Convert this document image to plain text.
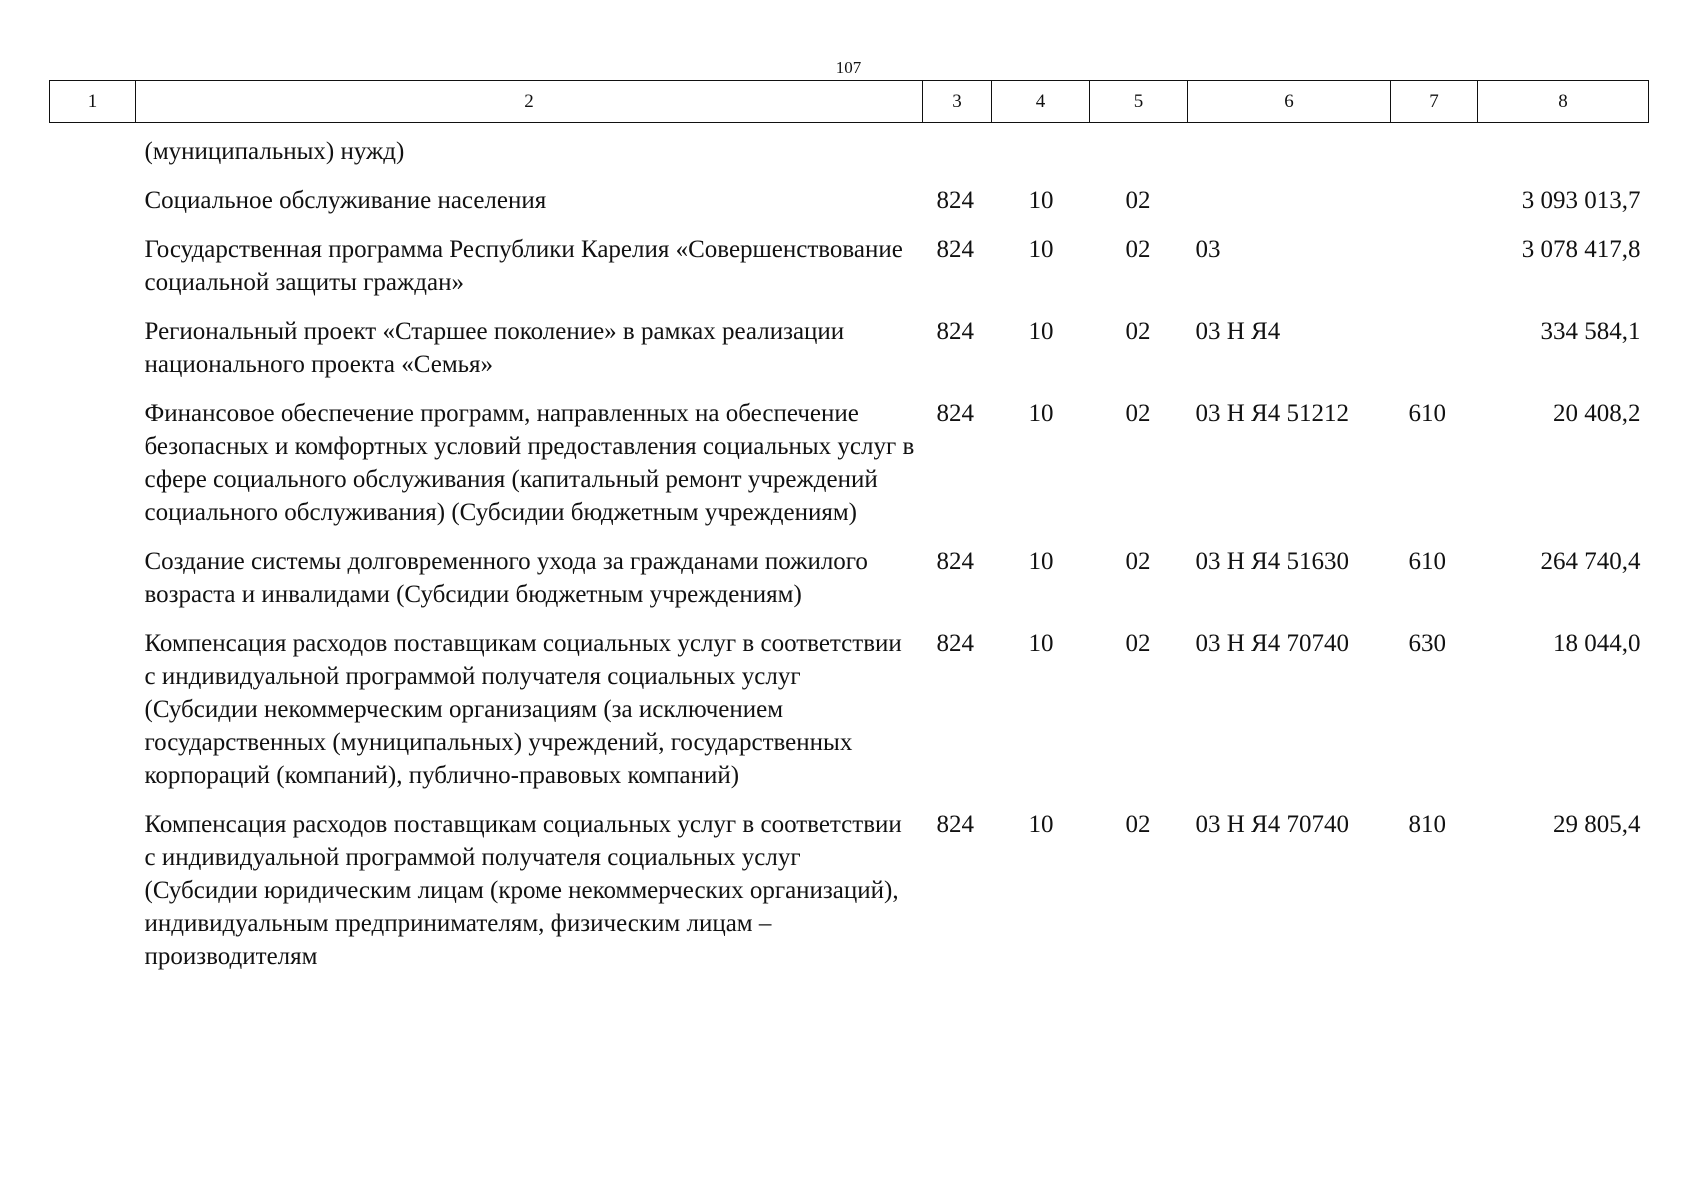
107
1	2	3	4	5	6	7	8
(муниципальных) нужд)							
Социальное обслуживание населения		824	10	02			3 093 013,7
Государственная программа Республики Карелия «Совершенствование социальной защиты граждан»		824	10	02	03		3 078 417,8
Региональный проект «Старшее поколение» в рамках реализации национального проекта «Семья»		824	10	02	03 Н Я4		334 584,1
Финансовое обеспечение программ, направленных на обеспечение безопасных и комфортных условий предоставления социальных услуг в сфере социального обслуживания (капитальный ремонт учреждений социального обслуживания) (Субсидии бюджетным учреждениям)		824	10	02	03 Н Я4 51212	610	20 408,2
Создание системы долговременного ухода за гражданами пожилого возраста и инвалидами (Субсидии бюджетным учреждениям)		824	10	02	03 Н Я4 51630	610	264 740,4
Компенсация расходов поставщикам социальных услуг в соответствии с индивидуальной программой получателя социальных услуг (Субсидии некоммерческим организациям (за исключением государственных (муниципальных) учреждений, государственных корпораций (компаний), публично-правовых компаний)		824	10	02	03 Н Я4 70740	630	18 044,0
Компенсация расходов поставщикам социальных услуг в соответствии с индивидуальной программой получателя социальных услуг (Субсидии юридическим лицам (кроме некоммерческих организаций), индивидуальным предпринимателям, физическим лицам – производителям		824	10	02	03 Н Я4 70740	810	29 805,4
